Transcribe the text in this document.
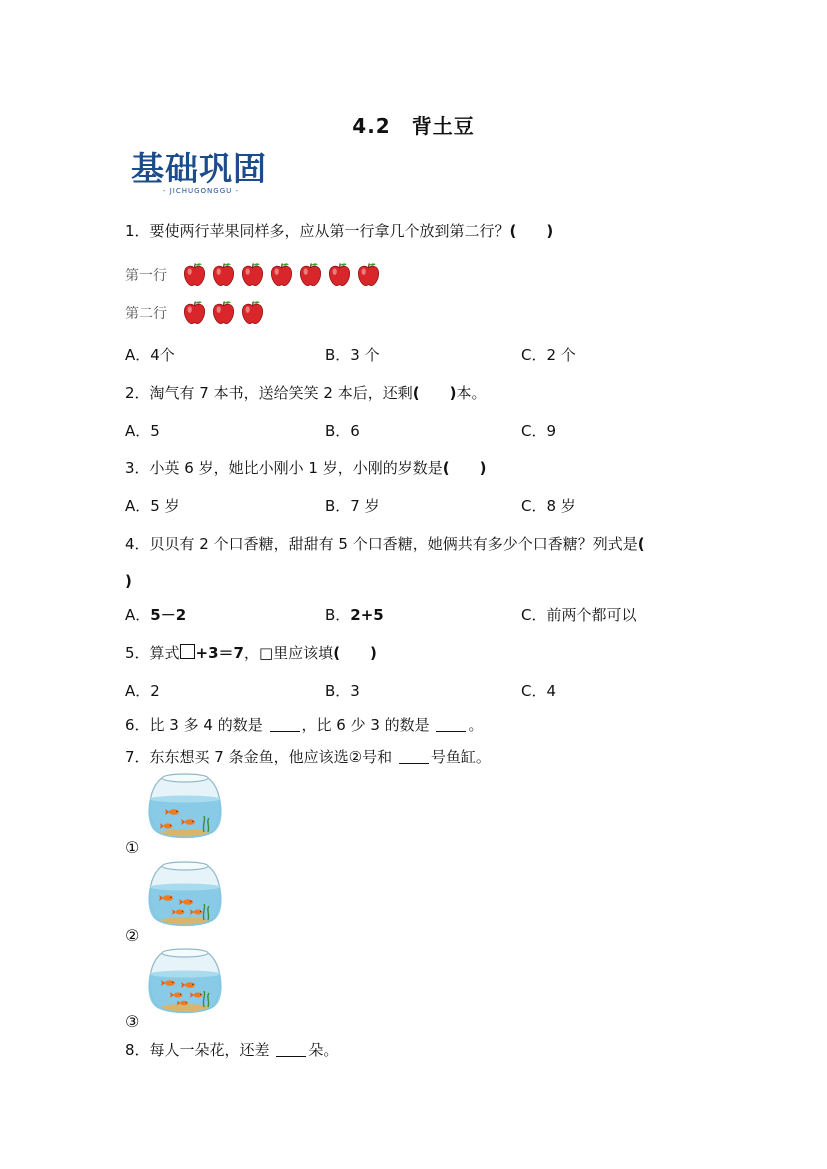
4.2　背土豆
基础巩固
- JICHUGONGGU -
1．要使两行苹果同样多，应从第一行拿几个放到第二行？(　　)
第一行
第二行
A．4个	B．3 个	C．2 个
2．淘气有 7 本书，送给笑笑 2 本后，还剩(　　)本。
A．5	B．6	C．9
3．小英 6 岁，她比小刚小 1 岁，小刚的岁数是(　　)
A．5 岁	B．7 岁	C．8 岁
4．贝贝有 2 个口香糖，甜甜有 5 个口香糖，她俩共有多少个口香糖？列式是(
)
A．5－2	B．2+5	C．前两个都可以
5．算式 +3＝7，□里应该填(　　)
A．2	B．3	C．4
6．比 3 多 4 的数是	，比 6 少 3 的数是	。
7．东东想买 7 条金鱼，他应该选②号和	号鱼缸。
①
②
③
8．每人一朵花，还差	朵。
